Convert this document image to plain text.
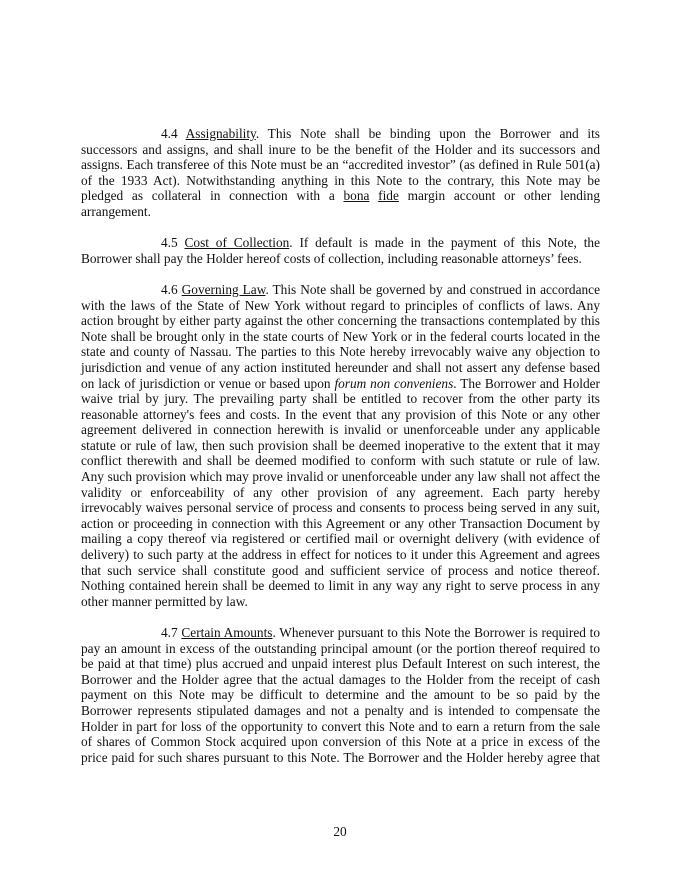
4.4 Assignability. This Note shall be binding upon the Borrower and its
successors and assigns, and shall inure to be the benefit of the Holder and its successors and
assigns. Each transferee of this Note must be an “accredited investor” (as defined in Rule 501(a)
of the 1933 Act). Notwithstanding anything in this Note to the contrary, this Note may be
pledged as collateral in connection with a bona fide margin account or other lending
arrangement.
4.5 Cost of Collection. If default is made in the payment of this Note, the
Borrower shall pay the Holder hereof costs of collection, including reasonable attorneys’ fees.
4.6 Governing Law. This Note shall be governed by and construed in accordance
with the laws of the State of New York without regard to principles of conflicts of laws. Any
action brought by either party against the other concerning the transactions contemplated by this
Note shall be brought only in the state courts of New York or in the federal courts located in the
state and county of Nassau. The parties to this Note hereby irrevocably waive any objection to
jurisdiction and venue of any action instituted hereunder and shall not assert any defense based
on lack of jurisdiction or venue or based upon forum non conveniens. The Borrower and Holder
waive trial by jury. The prevailing party shall be entitled to recover from the other party its
reasonable attorney's fees and costs. In the event that any provision of this Note or any other
agreement delivered in connection herewith is invalid or unenforceable under any applicable
statute or rule of law, then such provision shall be deemed inoperative to the extent that it may
conflict therewith and shall be deemed modified to conform with such statute or rule of law.
Any such provision which may prove invalid or unenforceable under any law shall not affect the
validity or enforceability of any other provision of any agreement. Each party hereby
irrevocably waives personal service of process and consents to process being served in any suit,
action or proceeding in connection with this Agreement or any other Transaction Document by
mailing a copy thereof via registered or certified mail or overnight delivery (with evidence of
delivery) to such party at the address in effect for notices to it under this Agreement and agrees
that such service shall constitute good and sufficient service of process and notice thereof.
Nothing contained herein shall be deemed to limit in any way any right to serve process in any
other manner permitted by law.
4.7 Certain Amounts. Whenever pursuant to this Note the Borrower is required to
pay an amount in excess of the outstanding principal amount (or the portion thereof required to
be paid at that time) plus accrued and unpaid interest plus Default Interest on such interest, the
Borrower and the Holder agree that the actual damages to the Holder from the receipt of cash
payment on this Note may be difficult to determine and the amount to be so paid by the
Borrower represents stipulated damages and not a penalty and is intended to compensate the
Holder in part for loss of the opportunity to convert this Note and to earn a return from the sale
of shares of Common Stock acquired upon conversion of this Note at a price in excess of the
price paid for such shares pursuant to this Note. The Borrower and the Holder hereby agree that
20
